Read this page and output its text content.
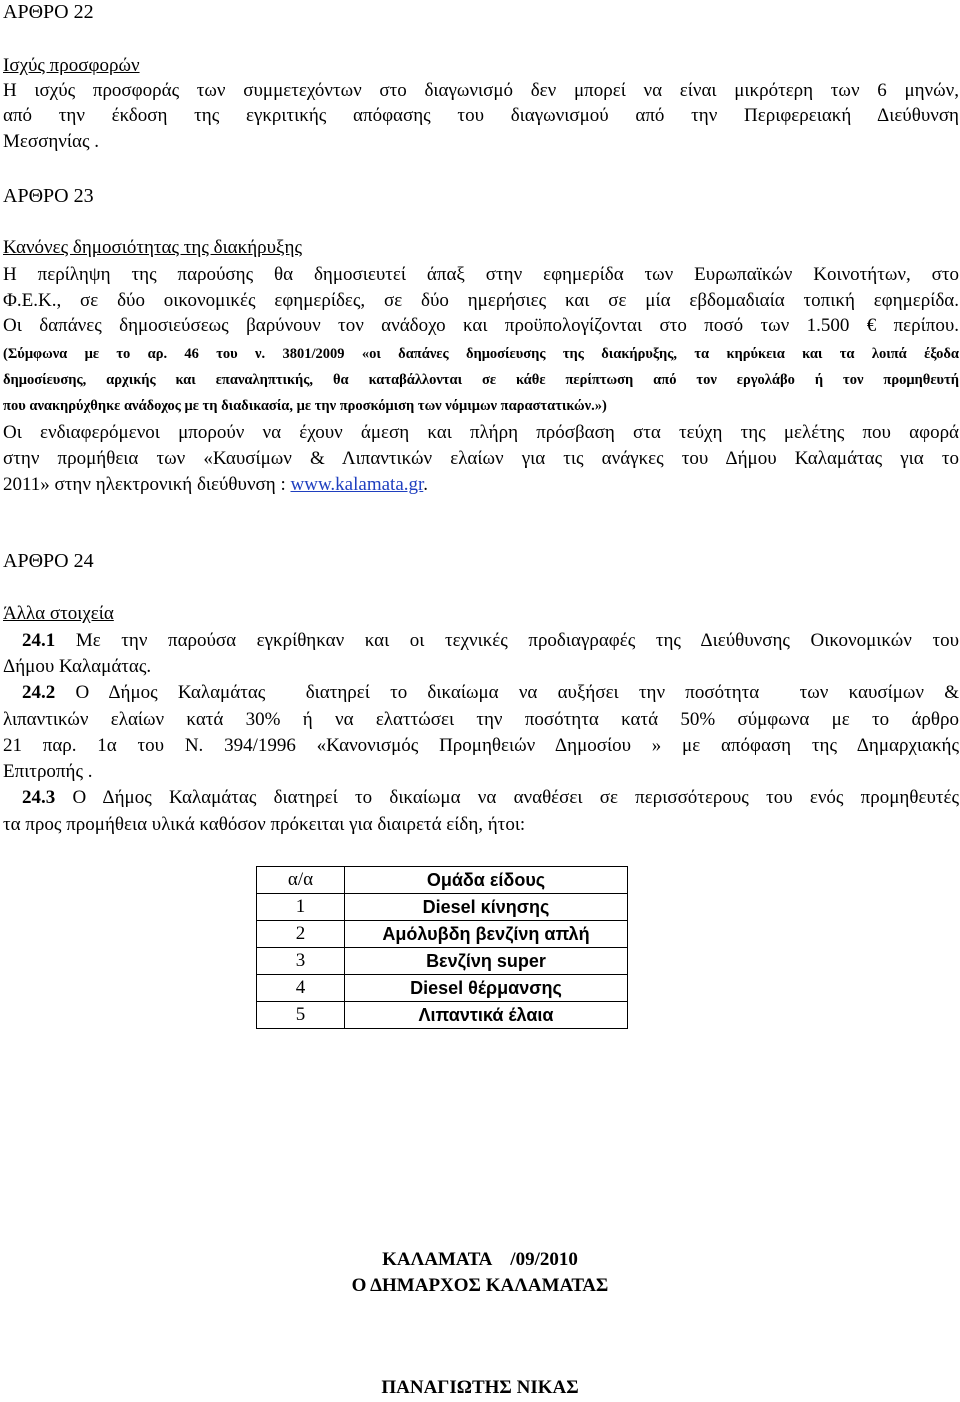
ΑΡΘΡΟ 22
Ισχύς προσφορών
Η ισχύς προσφοράς των συμμετεχόντων στο διαγωνισμό δεν μπορεί να είναι μικρότερη των 6 μηνών,
από την έκδοση της εγκριτικής απόφασης του διαγωνισμού από την Περιφερειακή Διεύθυνση
Μεσσηνίας .
ΑΡΘΡΟ 23
Κανόνες δημοσιότητας της διακήρυξης
Η περίληψη της παρούσης θα δημοσιευτεί άπαξ στην εφημερίδα των Ευρωπαϊκών Κοινοτήτων, στο
Φ.Ε.Κ., σε δύο οικονομικές εφημερίδες, σε δύο ημερήσιες και σε μία εβδομαδιαία τοπική εφημερίδα.
Οι δαπάνες δημοσιεύσεως βαρύνουν τον ανάδοχο και προϋπολογίζονται στο ποσό των 1.500 € περίπου.
(Σύμφωνα με το αρ. 46 του ν. 3801/2009 «οι δαπάνες δημοσίευσης της διακήρυξης, τα κηρύκεια και τα λοιπά έξοδα
δημοσίευσης, αρχικής και επαναληπτικής, θα καταβάλλονται σε κάθε περίπτωση από τον εργολάβο ή τον προμηθευτή
που ανακηρύχθηκε ανάδοχος με τη διαδικασία, με την προσκόμιση των νόμιμων παραστατικών.»)
Οι ενδιαφερόμενοι μπορούν να έχουν άμεση και πλήρη πρόσβαση στα τεύχη της μελέτης που αφορά
στην προμήθεια των «Καυσίμων & Λιπαντικών ελαίων για τις ανάγκες του Δήμου Καλαμάτας για το
2011» στην ηλεκτρονική διεύθυνση : www.kalamata.gr.
ΑΡΘΡΟ 24
Άλλα στοιχεία
24.1 Με την παρούσα εγκρίθηκαν και οι τεχνικές προδιαγραφές της Διεύθυνσης Οικονομικών του
Δήμου Καλαμάτας.
24.2 Ο Δήμος Καλαμάτας  διατηρεί το δικαίωμα να αυξήσει την ποσότητα  των καυσίμων &
λιπαντικών ελαίων κατά 30% ή να ελαττώσει την ποσότητα κατά 50% σύμφωνα με το άρθρο
21 παρ. 1α του Ν. 394/1996 «Κανονισμός Προμηθειών Δημοσίου » με απόφαση της Δημαρχιακής
Επιτροπής .
24.3 Ο Δήμος Καλαμάτας διατηρεί το δικαίωμα να αναθέσει σε περισσότερους του ενός προμηθευτές
τα προς προμήθεια υλικά καθόσον πρόκειται για διαιρετά είδη, ήτοι:
α/α	Ομάδα είδους
1	Diesel κίνησης
2	Αμόλυβδη βενζίνη απλή
3	Βενζίνη super
4	Diesel θέρμανσης
5	Λιπαντικά έλαια
ΚΑΛΑΜΑΤΑ    /09/2010
Ο ΔΗΜΑΡΧΟΣ ΚΑΛΑΜΑΤΑΣ
ΠΑΝΑΓΙΩΤΗΣ ΝΙΚΑΣ
